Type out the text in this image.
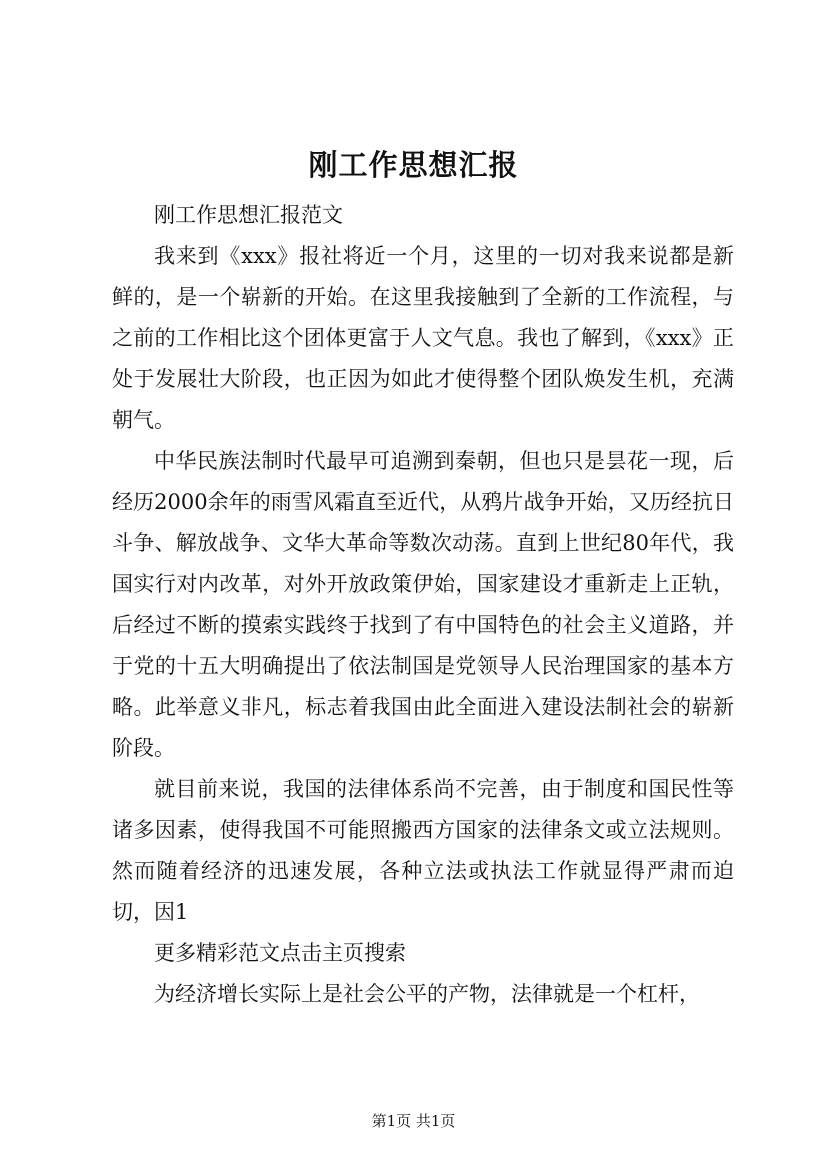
刚工作思想汇报

刚工作思想汇报范文

我来到《xxx》报社将近一个月，这里的一切对我来说都是新鲜的，是一个崭新的开始。在这里我接触到了全新的工作流程，与之前的工作相比这个团体更富于人文气息。我也了解到，《xxx》正处于发展壮大阶段，也正因为如此才使得整个团队焕发生机，充满朝气。

中华民族法制时代最早可追溯到秦朝，但也只是昙花一现，后经历2000余年的雨雪风霜直至近代，从鸦片战争开始，又历经抗日斗争、解放战争、文华大革命等数次动荡。直到上世纪80年代，我国实行对内改革，对外开放政策伊始，国家建设才重新走上正轨，后经过不断的摸索实践终于找到了有中国特色的社会主义道路，并于党的十五大明确提出了依法制国是党领导人民治理国家的基本方略。此举意义非凡，标志着我国由此全面进入建设法制社会的崭新阶段。

就目前来说，我国的法律体系尚不完善，由于制度和国民性等诸多因素，使得我国不可能照搬西方国家的法律条文或立法规则。然而随着经济的迅速发展，各种立法或执法工作就显得严肃而迫切，因1

更多精彩范文点击主页搜索

为经济增长实际上是社会公平的产物，法律就是一个杠杆，

第1页 共1页
